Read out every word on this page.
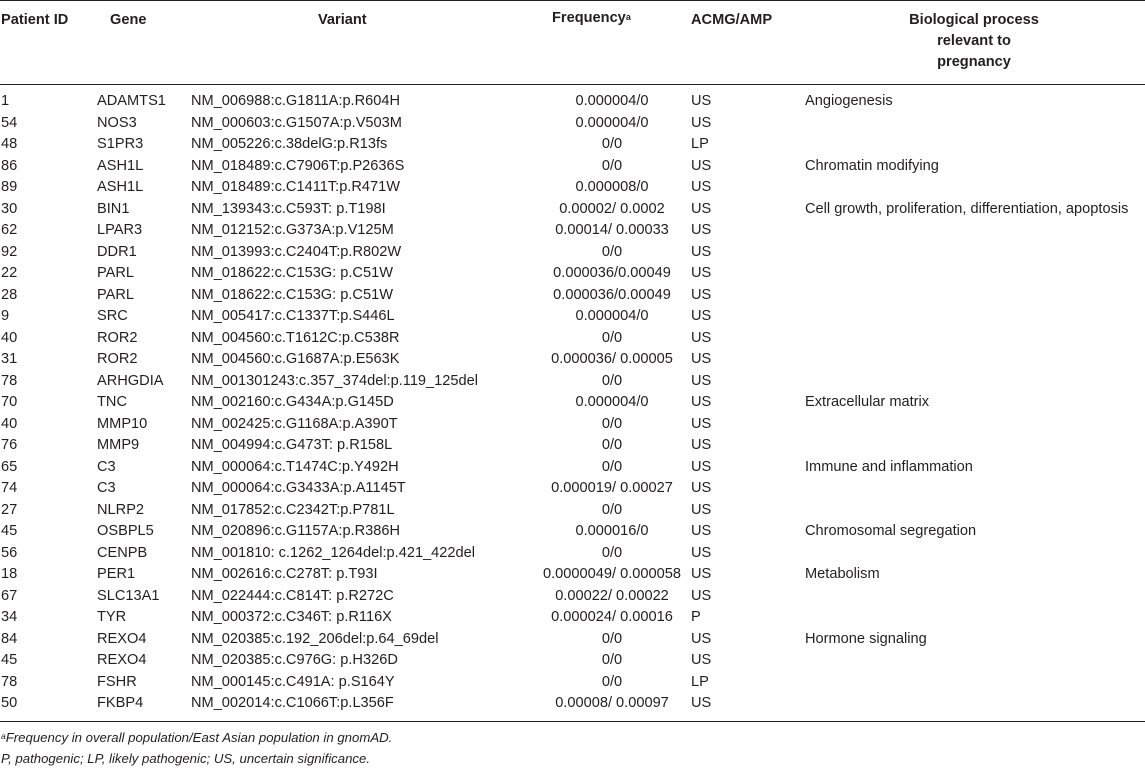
Patient ID	Gene	Variant	Frequency$^a$	ACMG/AMP	Biological process
relevant to
pregnancy
1	ADAMTS1 NM_006988:c.G1811A:p.R604H	0.000004/0	US	Angiogenesis
54	NOS3	NM_000603:c.G1507A:p.V503M	0.000004/0	US
48	S1PR3	NM_005226:c.38delG:p.R13fs	0/0	LP
86	ASH1L	NM_018489:c.C7906T:p.P2636S	0/0	US	Chromatin modifying
89	ASH1L	NM_018489:c.C1411T:p.R471W	0.000008/0	US
30	BIN1	NM_139343:c.C593T: p.T198I	0.00002/ 0.0002	US	Cell growth, proliferation, differentiation, apoptosis
62	LPAR3	NM_012152:c.G373A:p.V125M	0.00014/ 0.00033	US
92	DDR1	NM_013993:c.C2404T:p.R802W	0/0	US
22	PARL	NM_018622:c.C153G: p.C51W	0.000036/0.00049	US
28	PARL	NM_018622:c.C153G: p.C51W	0.000036/0.00049	US
9	SRC	NM_005417:c.C1337T:p.S446L	0.000004/0	US
40	ROR2	NM_004560:c.T1612C:p.C538R	0/0	US
31	ROR2	NM_004560:c.G1687A:p.E563K	0.000036/ 0.00005	US
78	ARHGDIA NM_001301243:c.357_374del:p.119_125del	0/0	US
70	TNC	NM_002160:c.G434A:p.G145D	0.000004/0	US	Extracellular matrix
40	MMP10	NM_002425:c.G1168A:p.A390T	0/0	US
76	MMP9	NM_004994:c.G473T: p.R158L	0/0	US
65	C3	NM_000064:c.T1474C:p.Y492H	0/0	US	Immune and inflammation
74	C3	NM_000064:c.G3433A:p.A1145T	0.000019/ 0.00027	US
27	NLRP2	NM_017852:c.C2342T:p.P781L	0/0	US
45	OSBPL5	NM_020896:c.G1157A:p.R386H	0.000016/0	US	Chromosomal segregation
56	CENPB	NM_001810: c.1262_1264del:p.421_422del	0/0	US
18	PER1	NM_002616:c.C278T: p.T93I	0.0000049/ 0.000058 US	Metabolism
67	SLC13A1 NM_022444:c.C814T: p.R272C	0.00022/ 0.00022	US
34	TYR	NM_000372:c.C346T: p.R116X	0.000024/ 0.00016	P
84	REXO4	NM_020385:c.192_206del:p.64_69del	0/0	US	Hormone signaling
45	REXO4	NM_020385:c.C976G: p.H326D	0/0	US
78	FSHR	NM_000145:c.C491A: p.S164Y	0/0	LP
50	FKBP4	NM_002014:c.C1066T:p.L356F	0.00008/ 0.00097	US
$^a$Frequency in overall population/East Asian population in gnomAD.
P, pathogenic; LP, likely pathogenic; US, uncertain significance.
